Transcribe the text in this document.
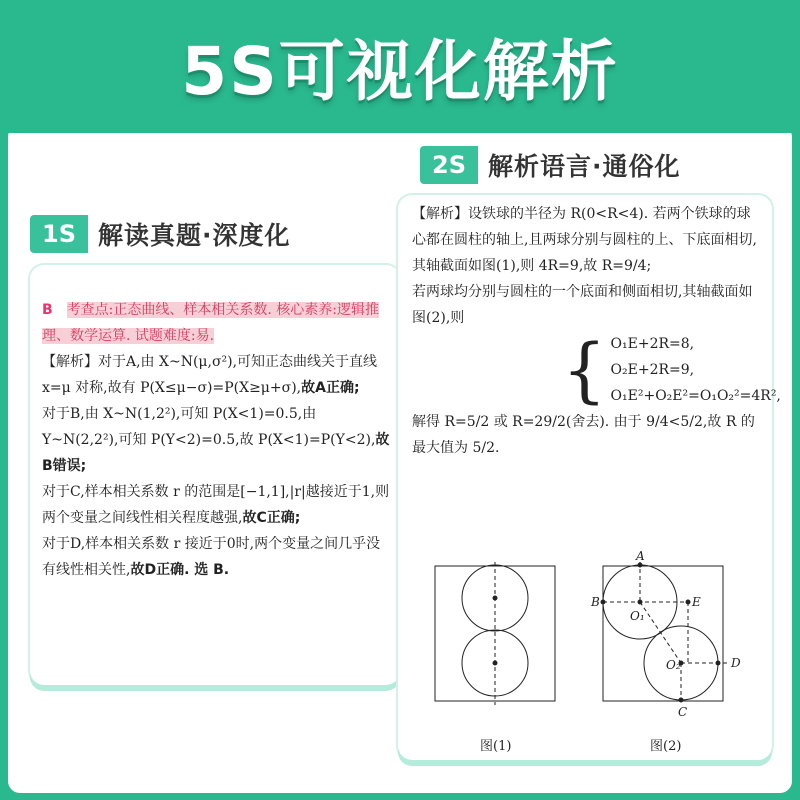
5S可视化解析
1S 解读真题·深度化
2S 解析语言·通俗化
B 考查点:正态曲线、样本相关系数. 核心素养:逻辑推理、数学运算. 试题难度:易.
【解析】对于A,由 X~N(μ,σ²),可知正态曲线关于直线 x=μ 对称,故有 P(X≤μ−σ)=P(X≥μ+σ),故A正确;
对于B,由 X~N(1,2²),可知 P(X<1)=0.5,由 Y~N(2,2²),可知 P(Y<2)=0.5,故 P(X<1)=P(Y<2),故B错误;
对于C,样本相关系数 r 的范围是[−1,1],|r|越接近于1,则两个变量之间线性相关程度越强,故C正确;
对于D,样本相关系数 r 接近于0时,两个变量之间几乎没有线性相关性,故D正确. 选 B.
【解析】设铁球的半径为 R(0<R<4). 若两个铁球的球心都在圆柱的轴上,且两球分别与圆柱的上、下底面相切,其轴截面如图(1),则 4R=9,故 R=9/4;
若两球均分别与圆柱的一个底面和侧面相切,其轴截面如图(2),则
{ O₁E+2R=8,
O₂E+2R=9,
O₁E²+O₂E²=O₁O₂²=4R²,
解得 R=5/2 或 R=29/2(舍去). 由于 9/4<5/2,故 R 的最大值为 5/2.
A
B	E
O₁
O₂	D
C
图(1)	图(2)
